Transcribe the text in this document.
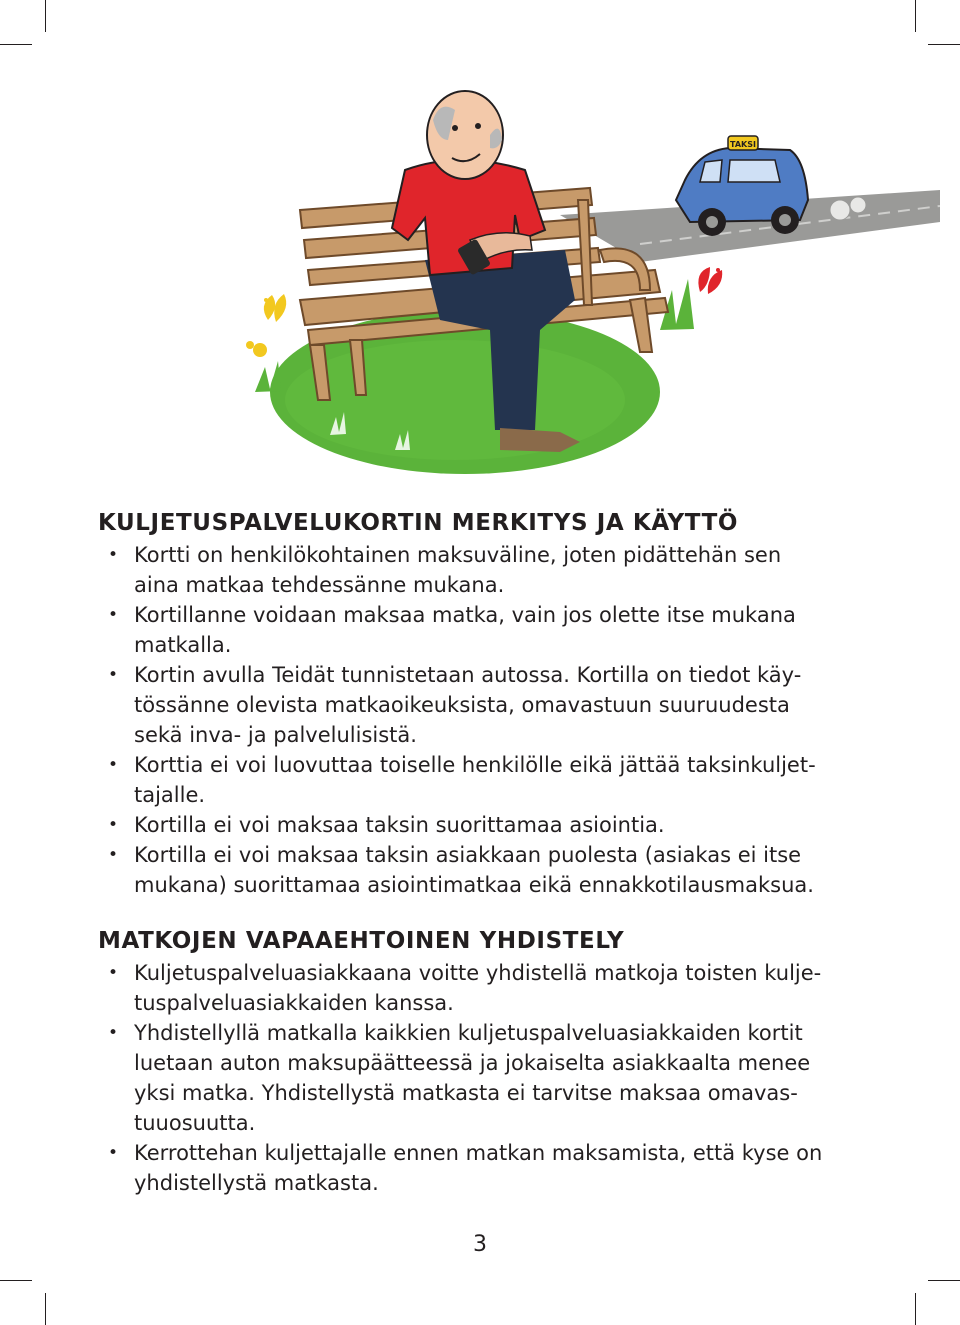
TAKSI
KULJETUSPALVELUKORTIN MERKITYS JA KÄYTTÖ
• Kortti on henkilökohtainen maksuväline, joten pidättehän sen
aina matkaa tehdessänne mukana.
• Kortillanne voidaan maksaa matka, vain jos olette itse mukana
matkalla.
• Kortin avulla Teidät tunnistetaan autossa. Kortilla on tiedot käy-
tössänne olevista matkaoikeuksista, omavastuun suuruudesta
sekä inva- ja palvelulisistä.
• Korttia ei voi luovuttaa toiselle henkilölle eikä jättää taksinkuljet-
tajalle.
• Kortilla ei voi maksaa taksin suorittamaa asiointia.
• Kortilla ei voi maksaa taksin asiakkaan puolesta (asiakas ei itse
mukana) suorittamaa asiointimatkaa eikä ennakkotilausmaksua.
MATKOJEN VAPAAEHTOINEN YHDISTELY
• Kuljetuspalveluasiakkaana voitte yhdistellä matkoja toisten kulje-
tuspalveluasiakkaiden kanssa.
• Yhdistellyllä matkalla kaikkien kuljetuspalveluasiakkaiden kortit
luetaan auton maksupäätteessä ja jokaiselta asiakkaalta menee
yksi matka. Yhdistellystä matkasta ei tarvitse maksaa omavas-
tuuosuutta.
• Kerrottehan kuljettajalle ennen matkan maksamista, että kyse on
yhdistellystä matkasta.
3
